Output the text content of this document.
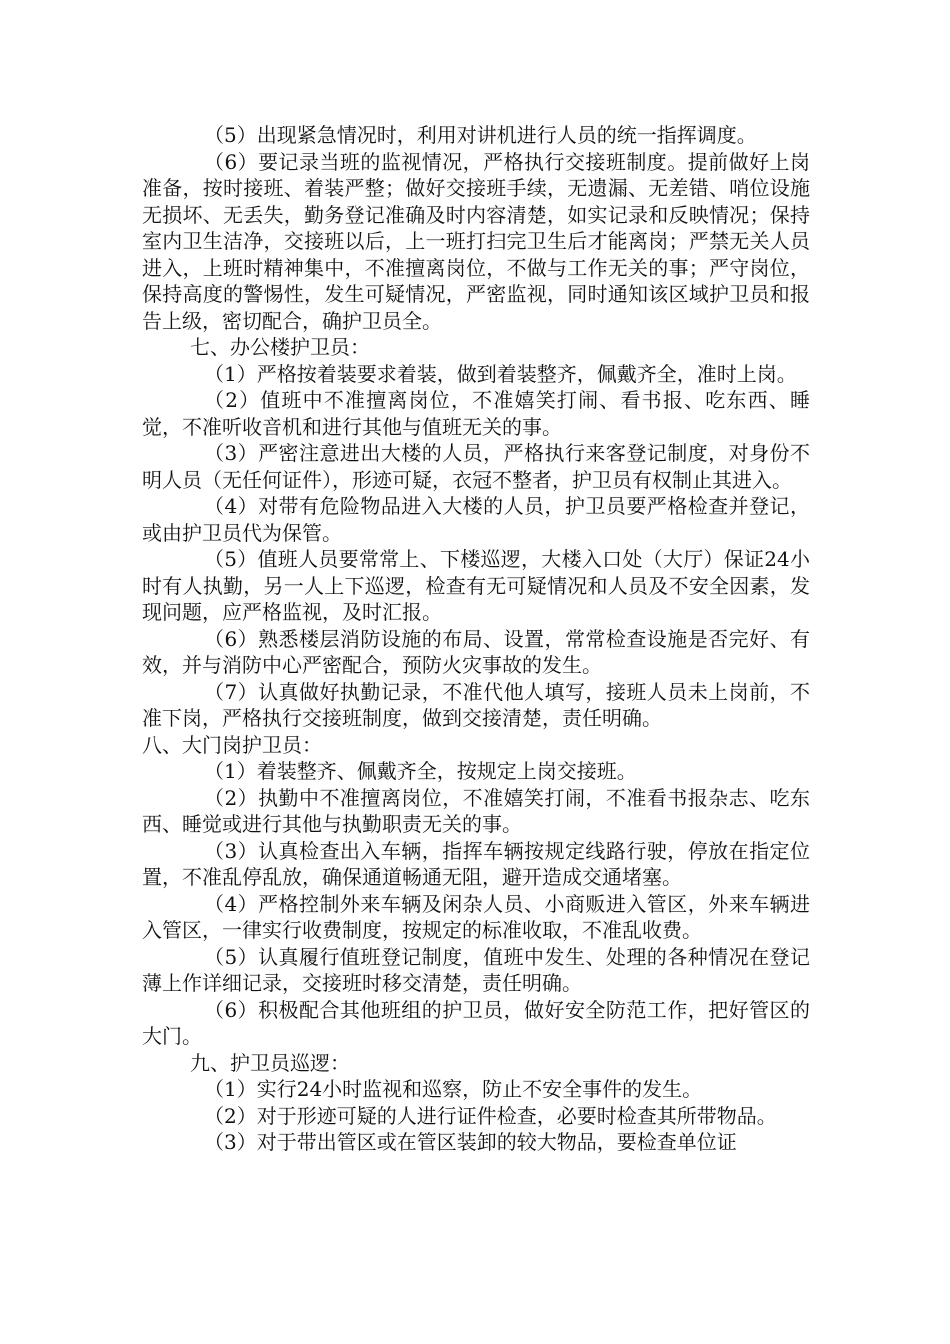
（5）出现紧急情况时，利用对讲机进行人员的统一指挥调度。

（6）要记录当班的监视情况，严格执行交接班制度。提前做好上岗准备，按时接班、着装严整；做好交接班手续，无遗漏、无差错、哨位设施无损坏、无丢失，勤务登记准确及时内容清楚，如实记录和反映情况；保持室内卫生洁净，交接班以后，上一班打扫完卫生后才能离岗；严禁无关人员进入，上班时精神集中，不准擅离岗位，不做与工作无关的事；严守岗位，保持高度的警惕性，发生可疑情况，严密监视，同时通知该区域护卫员和报告上级，密切配合，确护卫员全。

七、办公楼护卫员：

（1）严格按着装要求着装，做到着装整齐，佩戴齐全，准时上岗。

（2）值班中不准擅离岗位，不准嬉笑打闹、看书报、吃东西、睡觉，不准听收音机和进行其他与值班无关的事。

（3）严密注意进出大楼的人员，严格执行来客登记制度，对身份不明人员（无任何证件），形迹可疑，衣冠不整者，护卫员有权制止其进入。

（4）对带有危险物品进入大楼的人员，护卫员要严格检查并登记，或由护卫员代为保管。

（5）值班人员要常常上、下楼巡逻，大楼入口处（大厅）保证24小时有人执勤，另一人上下巡逻，检查有无可疑情况和人员及不安全因素，发现问题，应严格监视，及时汇报。

（6）熟悉楼层消防设施的布局、设置，常常检查设施是否完好、有效，并与消防中心严密配合，预防火灾事故的发生。

（7）认真做好执勤记录，不准代他人填写，接班人员未上岗前，不准下岗，严格执行交接班制度，做到交接清楚，责任明确。

八、大门岗护卫员：

（1）着装整齐、佩戴齐全，按规定上岗交接班。

（2）执勤中不准擅离岗位，不准嬉笑打闹，不准看书报杂志、吃东西、睡觉或进行其他与执勤职责无关的事。

（3）认真检查出入车辆，指挥车辆按规定线路行驶，停放在指定位置，不准乱停乱放，确保通道畅通无阻，避开造成交通堵塞。

（4）严格控制外来车辆及闲杂人员、小商贩进入管区，外来车辆进入管区，一律实行收费制度，按规定的标准收取，不准乱收费。

（5）认真履行值班登记制度，值班中发生、处理的各种情况在登记薄上作详细记录，交接班时移交清楚，责任明确。

（6）积极配合其他班组的护卫员，做好安全防范工作，把好管区的大门。

九、护卫员巡逻：

（1）实行24小时监视和巡察，防止不安全事件的发生。

（2）对于形迹可疑的人进行证件检查，必要时检查其所带物品。

（3）对于带出管区或在管区装卸的较大物品，要检查单位证
